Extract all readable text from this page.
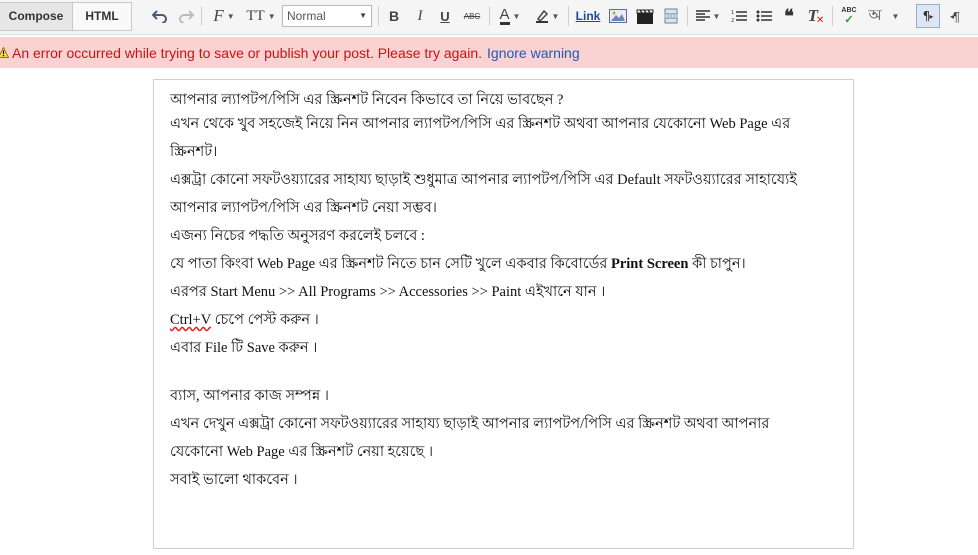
Compose	HTML	F ▼ TT ▼ Normal	▼ B I U ABC A ▼	▼ Link	▼ 1
2	❝ T
✕
ABC
✓ অ ▼ ¶ ▸ ◂ ¶
An error occurred while trying to save or publish your post. Please try again. Ignore warning
আপনার ল্যাপটপ/পিসি এর স্ক্রিনশট নিবেন কিভাবে তা নিয়ে ভাবছেন ?
এখন থেকে খুব সহজেই নিয়ে নিন আপনার ল্যাপটপ/পিসি এর স্ক্রিনশট অথবা আপনার যেকোনো Web Page এর
স্ক্রিনশট।
এক্সট্রা কোনো সফটওয়্যারের সাহায্য ছাড়াই শুধুমাত্র আপনার ল্যাপটপ/পিসি এর Default সফটওয়্যারের সাহায্যেই
আপনার ল্যাপটপ/পিসি এর স্ক্রিনশট নেয়া সম্ভব।
এজন্য নিচের পদ্ধতি অনুসরণ করলেই চলবে :
যে পাতা কিংবা Web Page এর স্ক্রিনশট নিতে চান সেটি খুলে একবার কিবোর্ডের Print Screen কী চাপুন।
এরপর Start Menu >> All Programs >> Accessories >> Paint এইখানে যান ।
Ctrl+V চেপে পেস্ট করুন ।
এবার File টি Save করুন ।
ব্যাস, আপনার কাজ সম্পন্ন ।
এখন দেখুন এক্সট্রা কোনো সফটওয়্যারের সাহায্য ছাড়াই আপনার ল্যাপটপ/পিসি এর স্ক্রিনশট অথবা আপনার
যেকোনো Web Page এর স্ক্রিনশট নেয়া হয়েছে ।
সবাই ভালো থাকবেন ।
